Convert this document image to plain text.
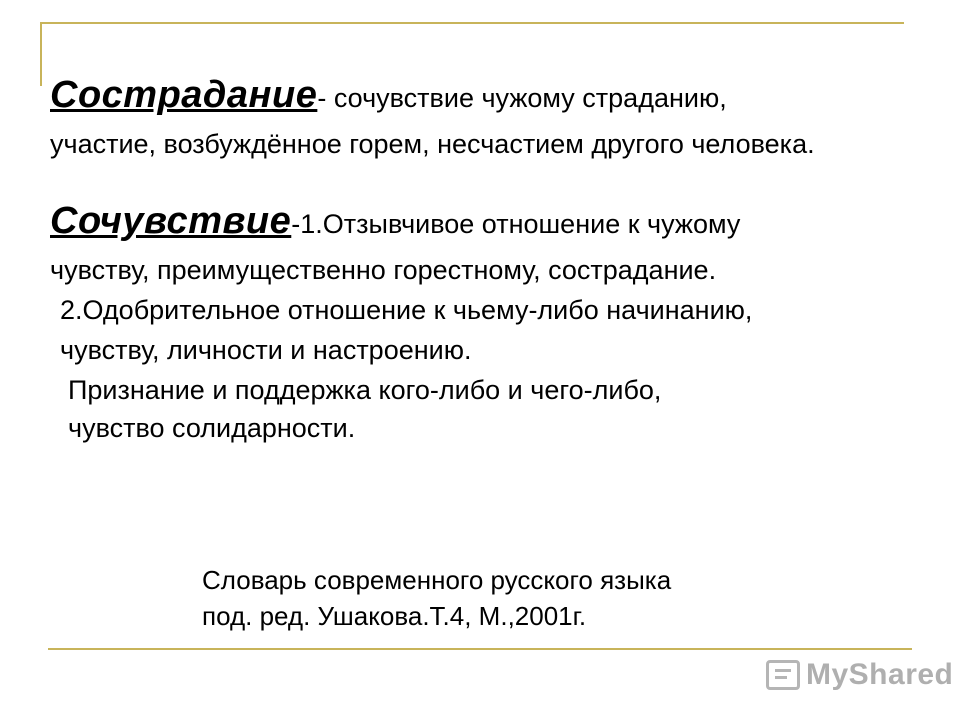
Сострадание- сочувствие чужому страданию,
участие, возбуждённое горем, несчастием другого человека.
Сочувствие-1.Отзывчивое отношение к чужому
чувству, преимущественно горестному, сострадание.
2.Одобрительное отношение к чьему-либо начинанию,
чувству, личности и настроению.
Признание и поддержка кого-либо и чего-либо,
чувство солидарности.
Словарь современного русского языка
под. ред. Ушакова.Т.4, М.,2001г.
MyShared
